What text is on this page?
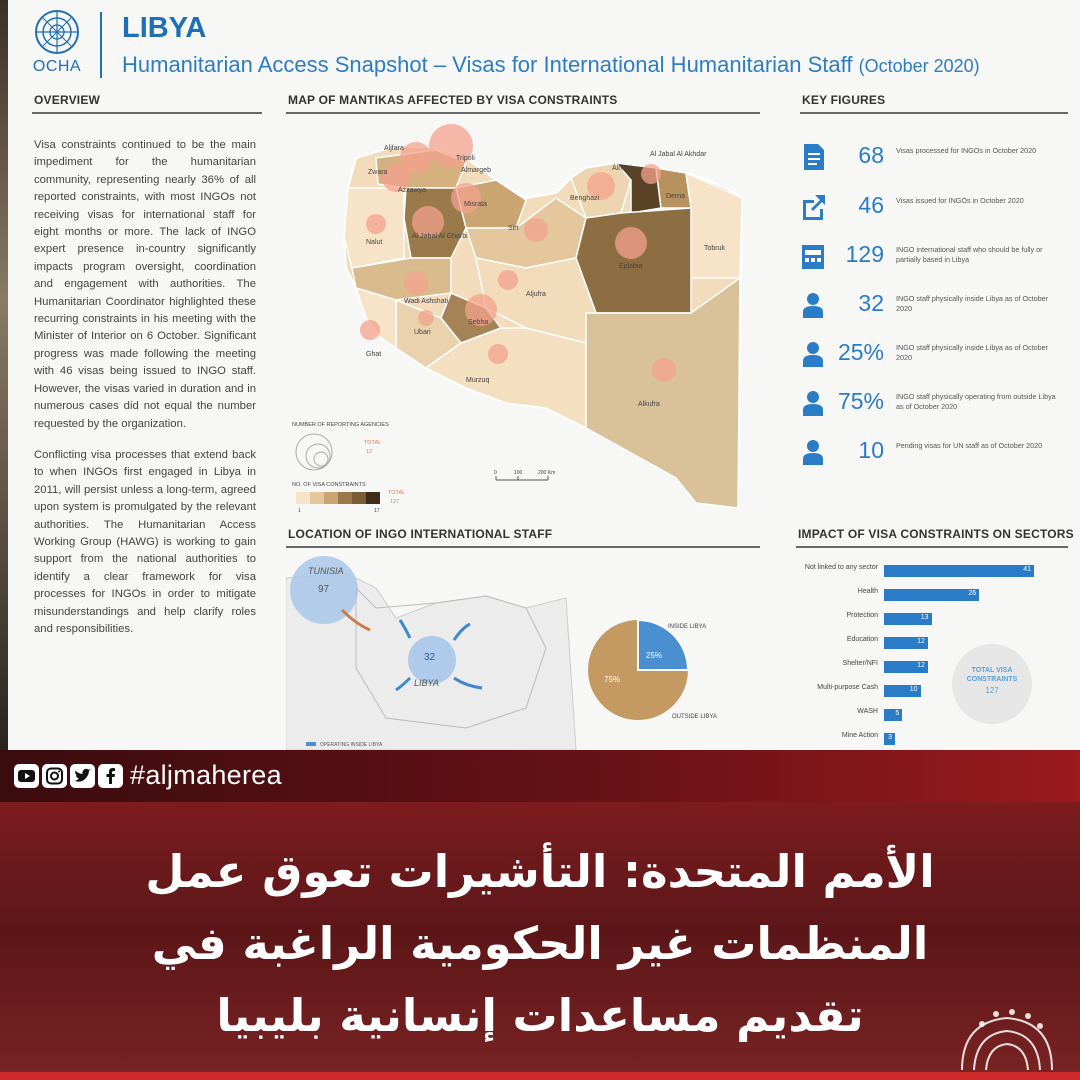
OCHA
LIBYA
Humanitarian Access Snapshot – Visas for International Humanitarian Staff (October 2020)
OVERVIEW

Visa constraints continued to be the main impediment for the humanitarian community, representing nearly 36% of all reported constraints, with most INGOs not receiving visas for international staff for eight months or more. The lack of INGO expert presence in-country significantly impacts program oversight, coordination and engagement with authorities. The Humanitarian Coordinator highlighted these recurring constraints in his meeting with the Minister of Interior on 6 October. Significant progress was made following the meeting with 46 visas being issued to INGO staff. However, the visas varied in duration and in numerous cases did not equal the number requested by the organization.

Conflicting visa processes that extend back to when INGOs first engaged in Libya in 2011, will persist unless a long-term, agreed upon system is promulgated by the relevant authorities. The Humanitarian Access Working Group (HAWG) is working to gain support from the national authorities to identify a clear framework for visa processes for INGOs in order to mitigate misunderstandings and help clarify roles and responsibilities.

MAP OF MANTIKAS AFFECTED BY VISA CONSTRAINTS
Aljfara
Tripoli
Zwara	Almargeb
Misrata
Azzawya
Al Jabal Al Gharbi
Nalut
Sirt
Benghazi
Almarj
Al Jabal Al Akhdar
Derna
Tobruk
Ejdabia
Aljufra
Wadi Ashshati
Sebha
Ubari
Ghat
Murzuq
Alkufra
NUMBER OF REPORTING AGENCIES
TOTAL
12
NO. OF VISA CONSTRAINTS
1	17
TOTAL
127
0	100	200 Km
KEY FIGURES
68 Visas processed for INGOs in October 2020
46 Visas issued for INGOs in October 2020
129 INGO international staff who should be fully or partially based in Libya
32 INGO staff physically inside Libya as of October 2020
25% INGO staff physically inside Libya as of October 2020
75% INGO staff physically operating from outside Libya as of October 2020
10 Pending visas for UN staff as of October 2020
LOCATION OF INGO INTERNATIONAL STAFF
TUNISIA
97
32
LIBYA
OPERATING INSIDE LIBYA
INSIDE LIBYA
OUTSIDE LIBYA
25%
75%
IMPACT OF VISA CONSTRAINTS ON SECTORS
Mine Action 3
WASH 5
Multi-purpose Cash	10
Shelter/NFI	12
Education	12
Protection	13
Health	26
Not linked to any sector	41
TOTAL VISA CONSTRAINTS
127
#aljmaherea
الأمم المتحدة: التأشيرات تعوق عمل
المنظمات غير الحكومية الراغبة في
تقديم مساعدات إنسانية بليبيا
